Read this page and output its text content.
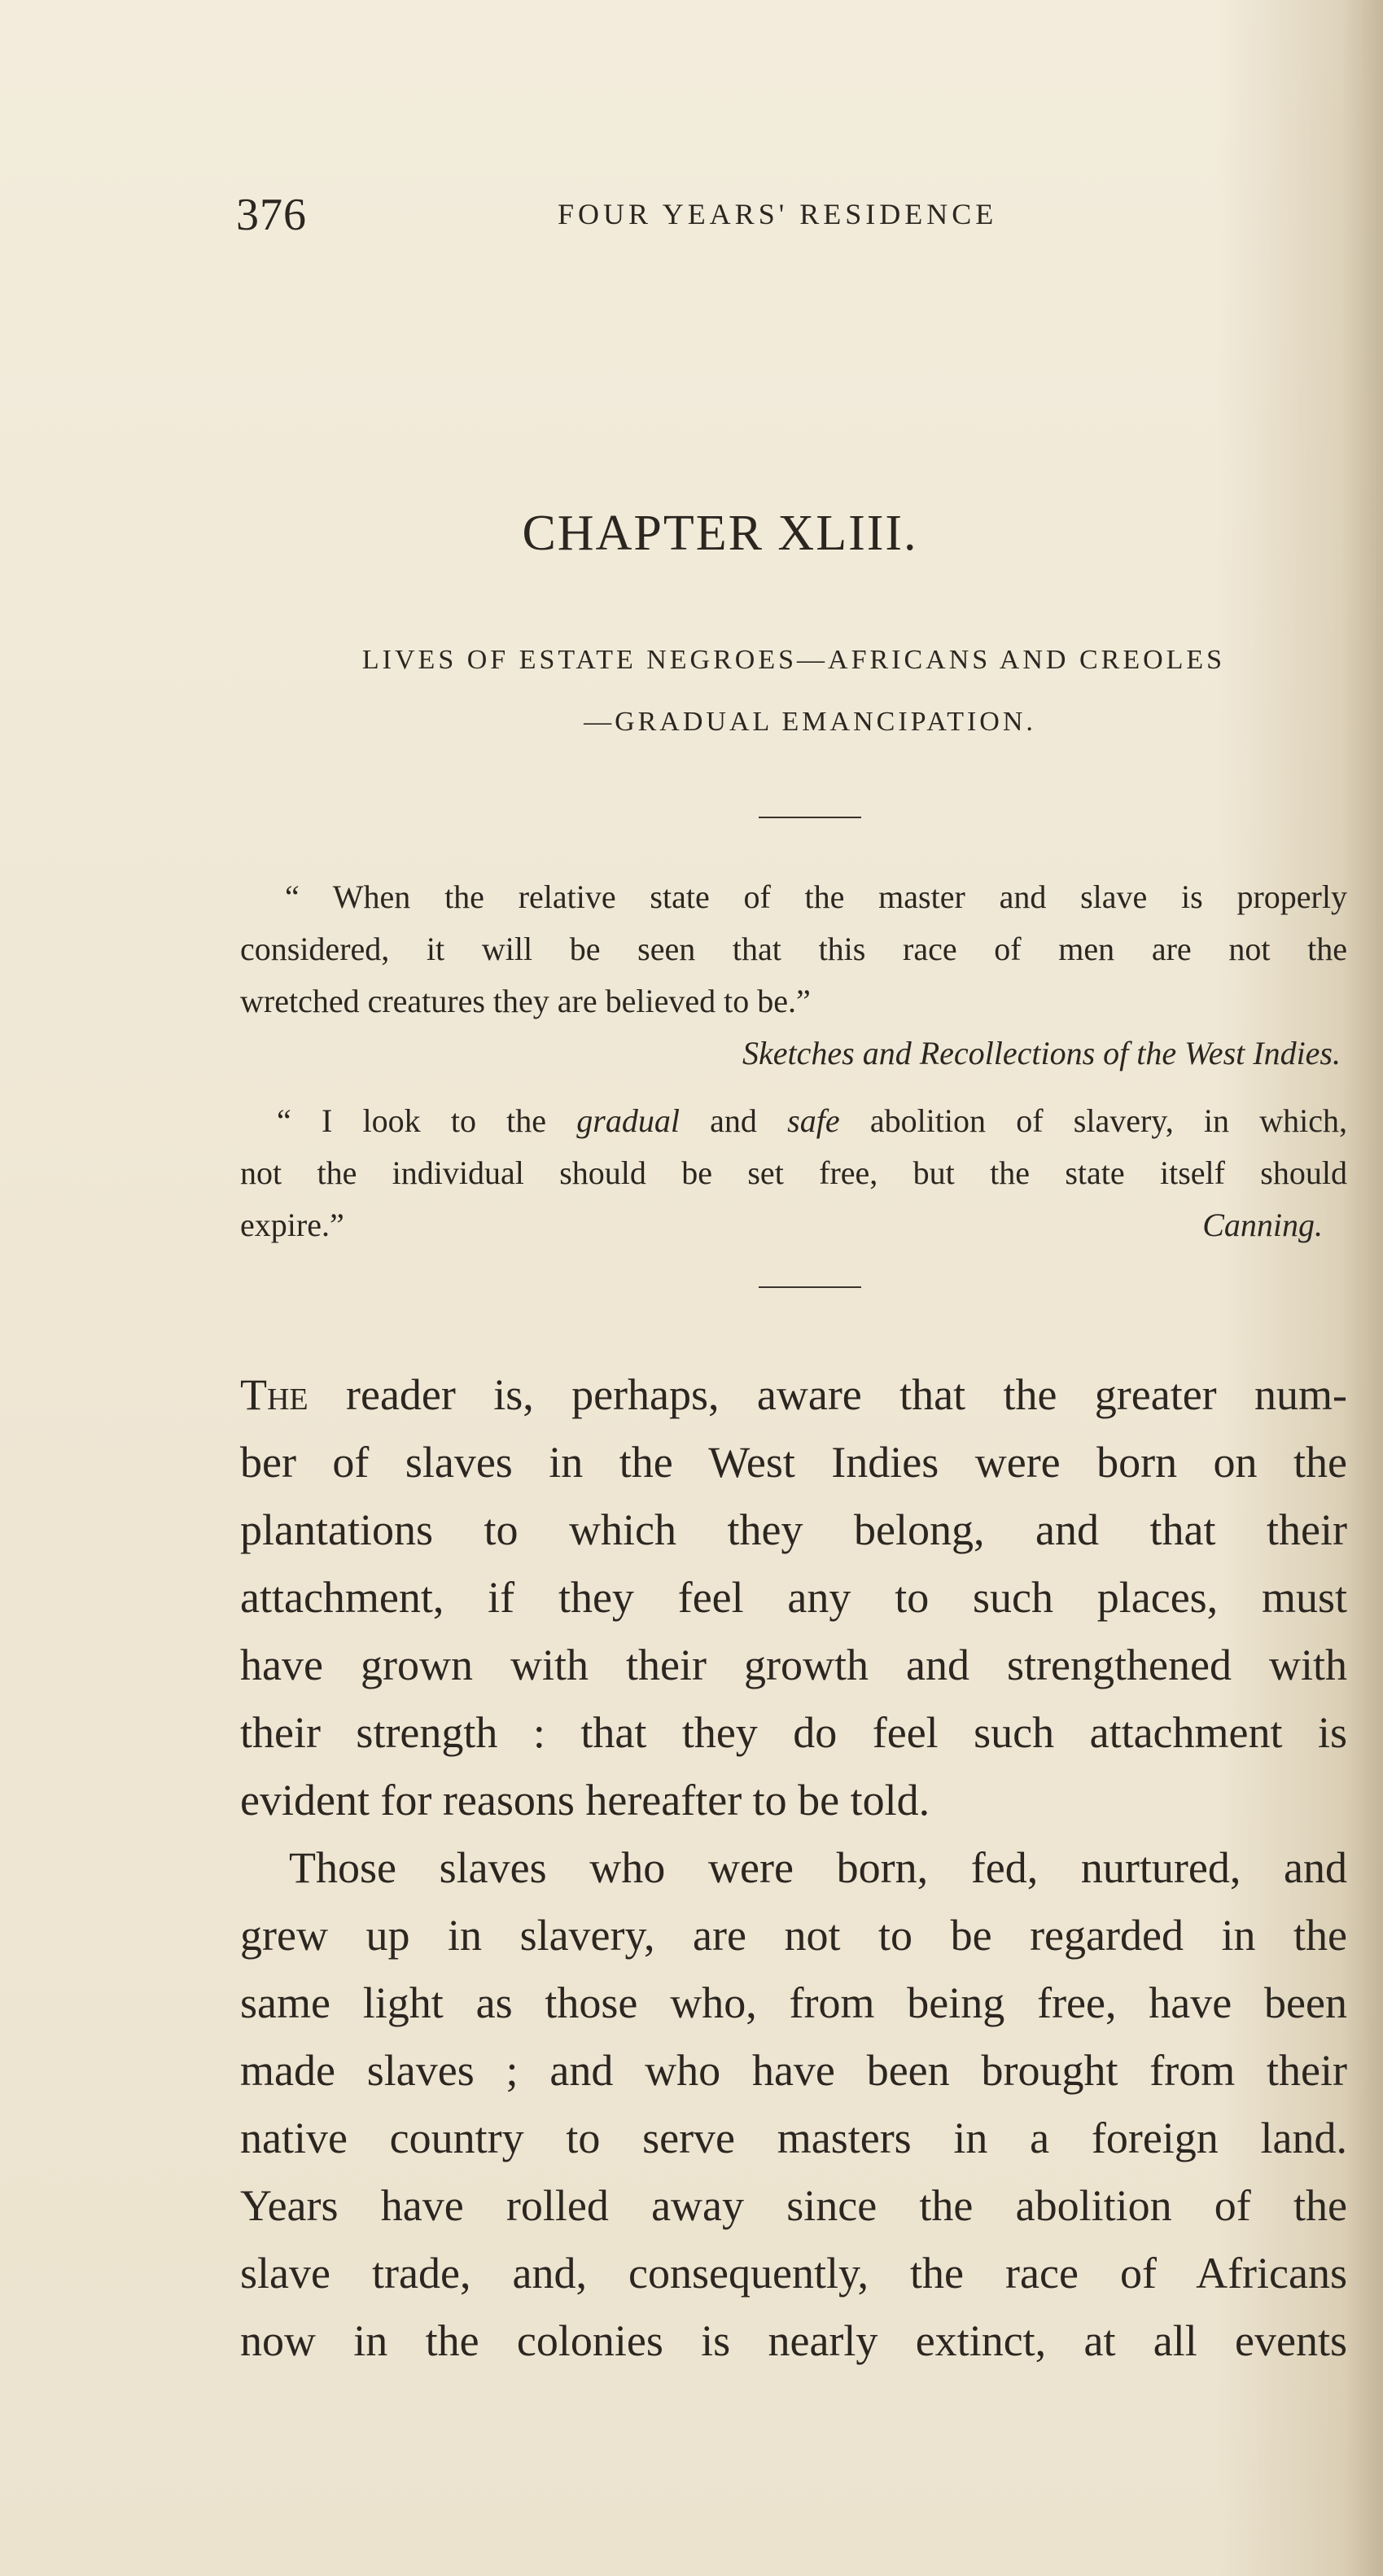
376	FOUR YEARS' RESIDENCE
CHAPTER XLIII.
LIVES OF ESTATE NEGROES—AFRICANS AND CREOLES
—GRADUAL EMANCIPATION.
“ When the relative state of the master and slave is properly
considered, it will be seen that this race of men are not the
wretched creatures they are believed to be.”
Sketches and Recollections of the West Indies.
“ I look to the gradual and safe abolition of slavery, in which,
not the individual should be set free, but the state itself should
expire.”	Canning.
The reader is, perhaps, aware that the greater num-
ber of slaves in the West Indies were born on the
plantations to which they belong, and that their
attachment, if they feel any to such places, must
have grown with their growth and strengthened with
their strength : that they do feel such attachment is
evident for reasons hereafter to be told.
Those slaves who were born, fed, nurtured, and
grew up in slavery, are not to be regarded in the
same light as those who, from being free, have been
made slaves ; and who have been brought from their
native country to serve masters in a foreign land.
Years have rolled away since the abolition of the
slave trade, and, consequently, the race of Africans
now in the colonies is nearly extinct, at all events
